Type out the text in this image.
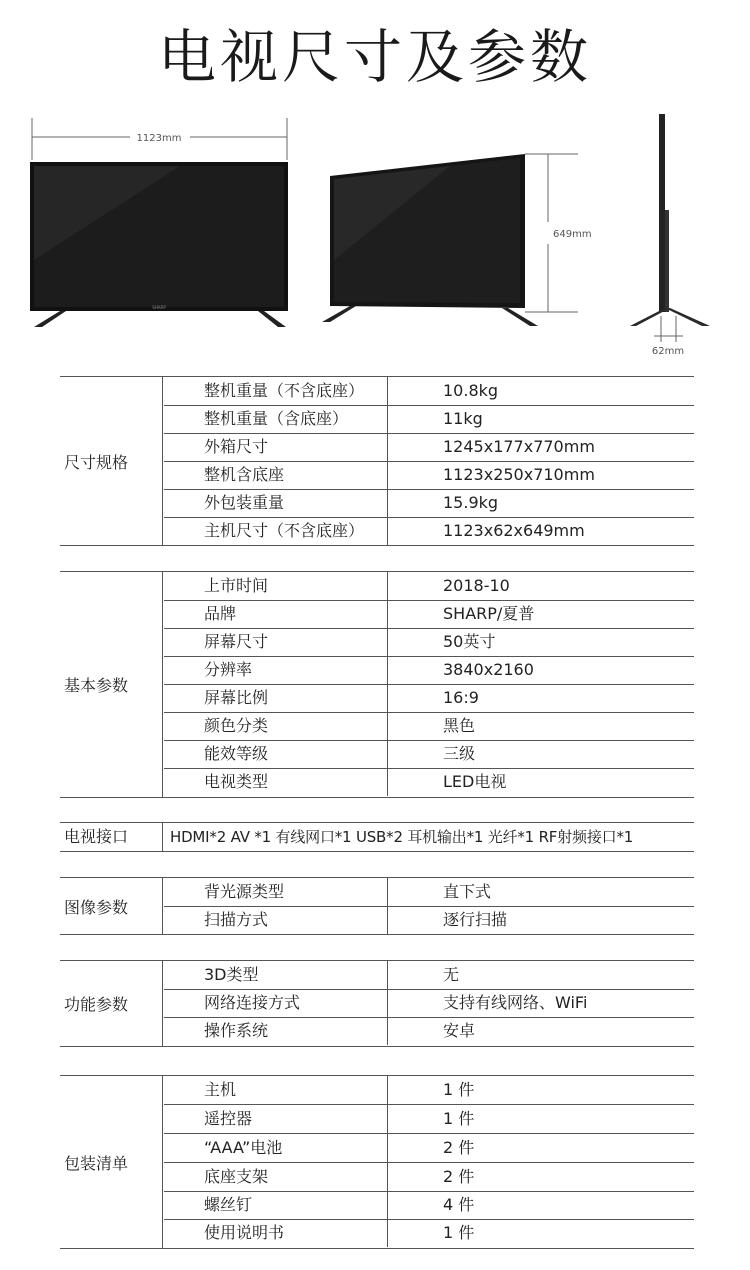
电视尺寸及参数
1123mm
SHARP
649mm
62mm
尺寸规格
整机重量（不含底座）	10.8kg
整机重量（含底座）	11kg
外箱尺寸	1245x177x770mm
整机含底座	1123x250x710mm
外包装重量	15.9kg
主机尺寸（不含底座）	1123x62x649mm
基本参数
上市时间	2018-10
品牌	SHARP/夏普
屏幕尺寸	50英寸
分辨率	3840x2160
屏幕比例	16:9
颜色分类	黑色
能效等级	三级
电视类型	LED电视
电视接口	HDMI*2 AV *1 有线网口*1 USB*2 耳机输出*1 光纤*1 RF射频接口*1
图像参数
背光源类型	直下式
扫描方式	逐行扫描
功能参数
3D类型	无
网络连接方式	支持有线网络、WiFi
操作系统	安卓
包装清单
主机	1 件
遥控器	1 件
“AAA”电池	2 件
底座支架	2 件
螺丝钉	4 件
使用说明书	1 件
